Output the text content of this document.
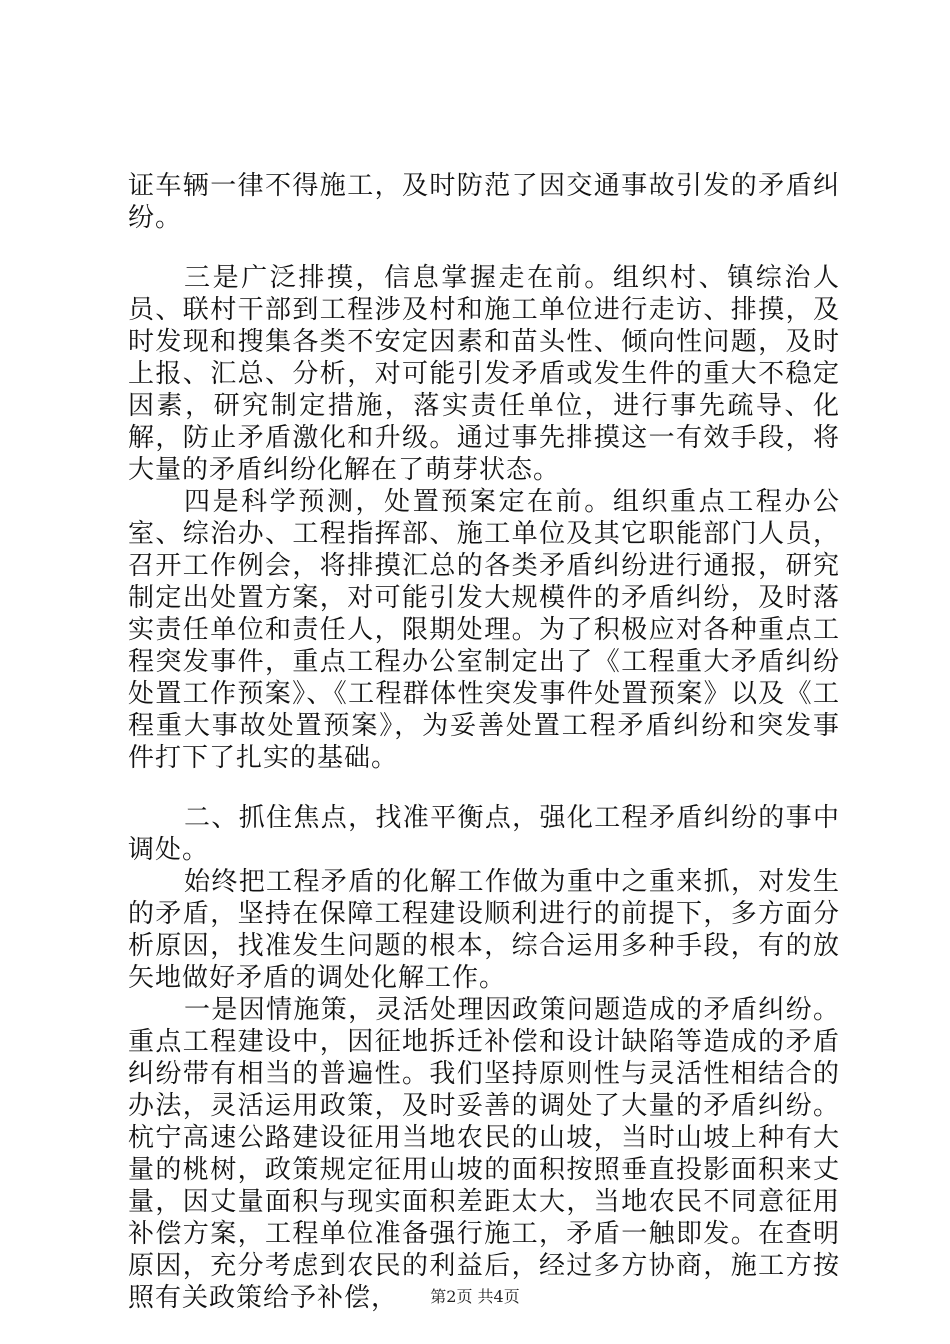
证车辆一律不得施工，及时防范了因交通事故引发的矛盾纠纷。

三是广泛排摸，信息掌握走在前。组织村、镇综治人员、联村干部到工程涉及村和施工单位进行走访、排摸，及时发现和搜集各类不安定因素和苗头性、倾向性问题，及时上报、汇总、分析，对可能引发矛盾或发生件的重大不稳定因素，研究制定措施，落实责任单位，进行事先疏导、化解，防止矛盾激化和升级。通过事先排摸这一有效手段，将大量的矛盾纠纷化解在了萌芽状态。

四是科学预测，处置预案定在前。组织重点工程办公室、综治办、工程指挥部、施工单位及其它职能部门人员，召开工作例会，将排摸汇总的各类矛盾纠纷进行通报，研究制定出处置方案，对可能引发大规模件的矛盾纠纷，及时落实责任单位和责任人，限期处理。为了积极应对各种重点工程突发事件，重点工程办公室制定出了《工程重大矛盾纠纷处置工作预案》、《工程群体性突发事件处置预案》以及《工程重大事故处置预案》，为妥善处置工程矛盾纠纷和突发事件打下了扎实的基础。

二、抓住焦点，找准平衡点，强化工程矛盾纠纷的事中调处。

始终把工程矛盾的化解工作做为重中之重来抓，对发生的矛盾，坚持在保障工程建设顺利进行的前提下，多方面分析原因，找准发生问题的根本，综合运用多种手段，有的放矢地做好矛盾的调处化解工作。

一是因情施策，灵活处理因政策问题造成的矛盾纠纷。重点工程建设中，因征地拆迁补偿和设计缺陷等造成的矛盾纠纷带有相当的普遍性。我们坚持原则性与灵活性相结合的办法，灵活运用政策，及时妥善的调处了大量的矛盾纠纷。杭宁高速公路建设征用当地农民的山坡，当时山坡上种有大量的桃树，政策规定征用山坡的面积按照垂直投影面积来丈量，因丈量面积与现实面积差距太大，当地农民不同意征用补偿方案，工程单位准备强行施工，矛盾一触即发。在查明原因，充分考虑到农民的利益后，经过多方协商，施工方按照有关政策给予补偿，	第2页 共4页
